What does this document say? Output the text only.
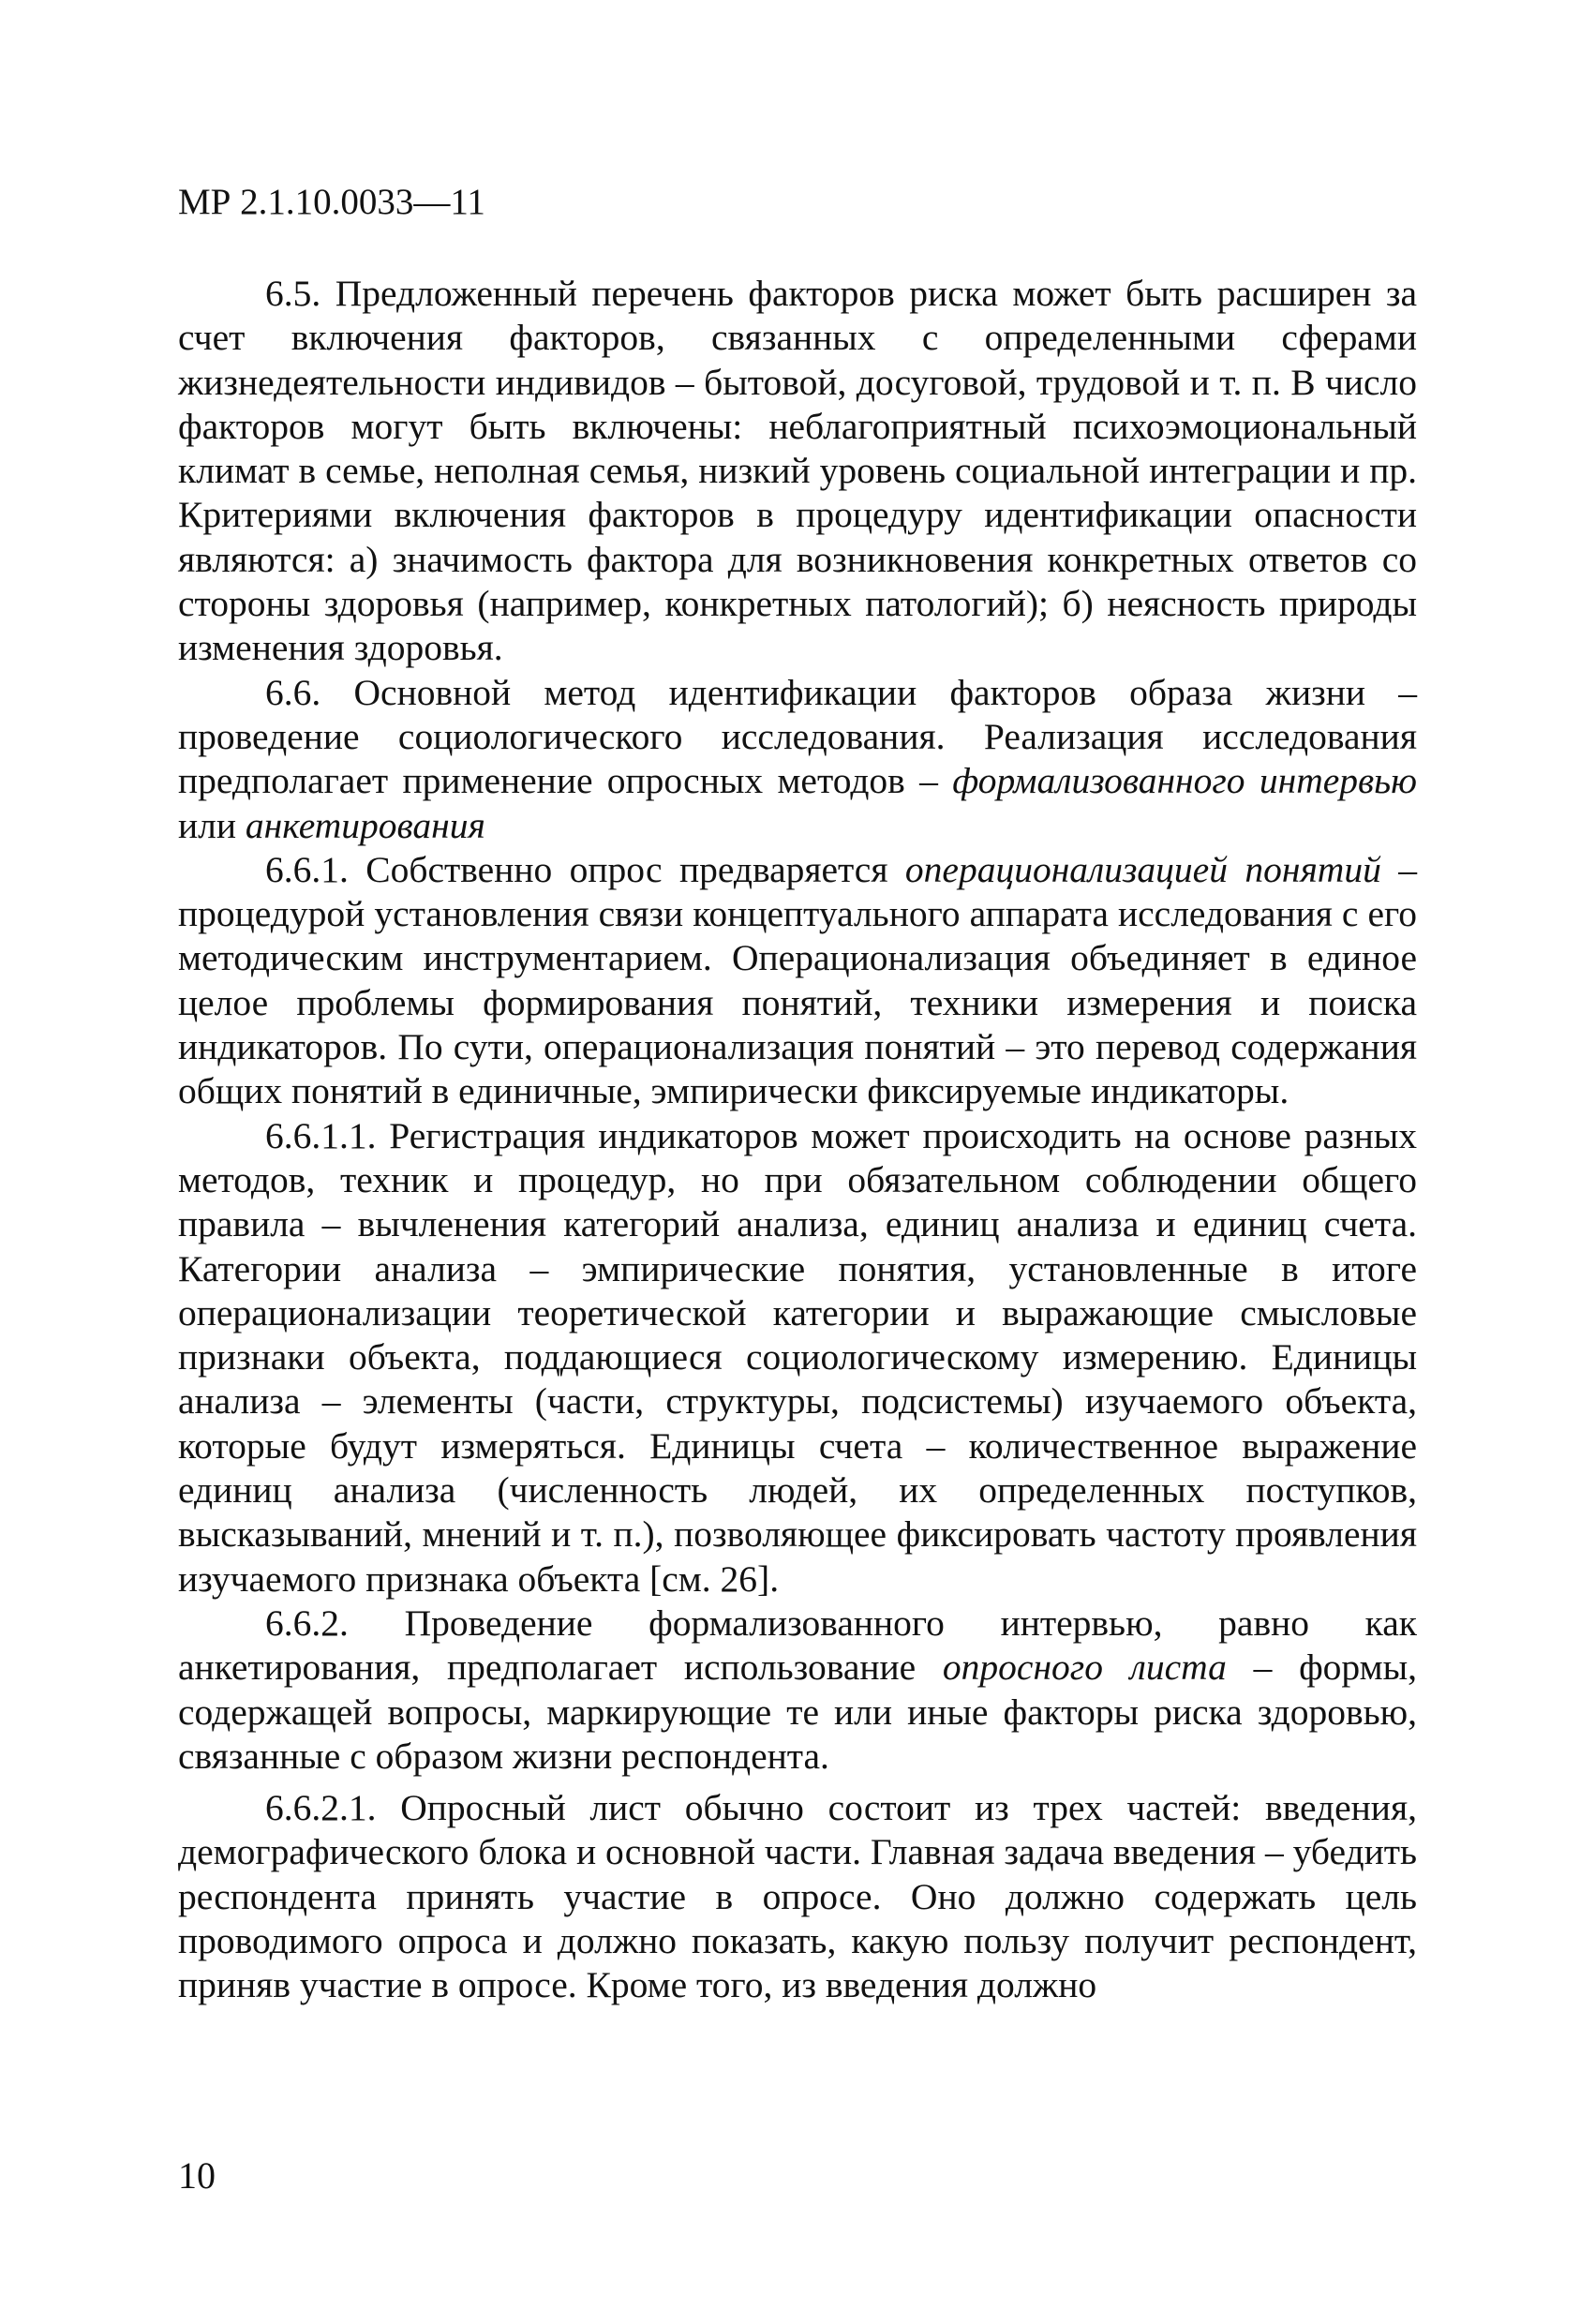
МР 2.1.10.0033—11

6.5. Предложенный перечень факторов риска может быть расширен за счет включения факторов, связанных с определенными сферами жизнедеятельности индивидов – бытовой, досуговой, трудовой и т. п. В число факторов могут быть включены: неблагоприятный психоэмоциональный климат в семье, неполная семья, низкий уровень социальной интеграции и пр. Критериями включения факторов в процедуру идентификации опасности являются: а) значимость фактора для возникновения конкретных ответов со стороны здоровья (например, конкретных патологий); б) неясность природы изменения здоровья.

6.6. Основной метод идентификации факторов образа жизни – проведение социологического исследования. Реализация исследования предполагает применение опросных методов – формализованного интервью или анкетирования

6.6.1. Собственно опрос предваряется операционализацией понятий – процедурой установления связи концептуального аппарата исследования с его методическим инструментарием. Операционализация объединяет в единое целое проблемы формирования понятий, техники измерения и поиска индикаторов. По сути, операционализация понятий – это перевод содержания общих понятий в единичные, эмпирически фиксируемые индикаторы.

6.6.1.1. Регистрация индикаторов может происходить на основе разных методов, техник и процедур, но при обязательном соблюдении общего правила – вычленения категорий анализа, единиц анализа и единиц счета. Категории анализа – эмпирические понятия, установленные в итоге операционализации теоретической категории и выражающие смысловые признаки объекта, поддающиеся социологическому измерению. Единицы анализа – элементы (части, структуры, подсистемы) изучаемого объекта, которые будут измеряться. Единицы счета – количественное выражение единиц анализа (численность людей, их определенных поступков, высказываний, мнений и т. п.), позволяющее фиксировать частоту проявления изучаемого признака объекта [см. 26].

6.6.2. Проведение формализованного интервью, равно как анкетирования, предполагает использование опросного листа – формы, содержащей вопросы, маркирующие те или иные факторы риска здоровью, связанные с образом жизни респондента.

6.6.2.1. Опросный лист обычно состоит из трех частей: введения, демографического блока и основной части. Главная задача введения – убедить респондента принять участие в опросе. Оно должно содержать цель проводимого опроса и должно показать, какую пользу получит респондент, приняв участие в опросе. Кроме того, из введения должно

10
